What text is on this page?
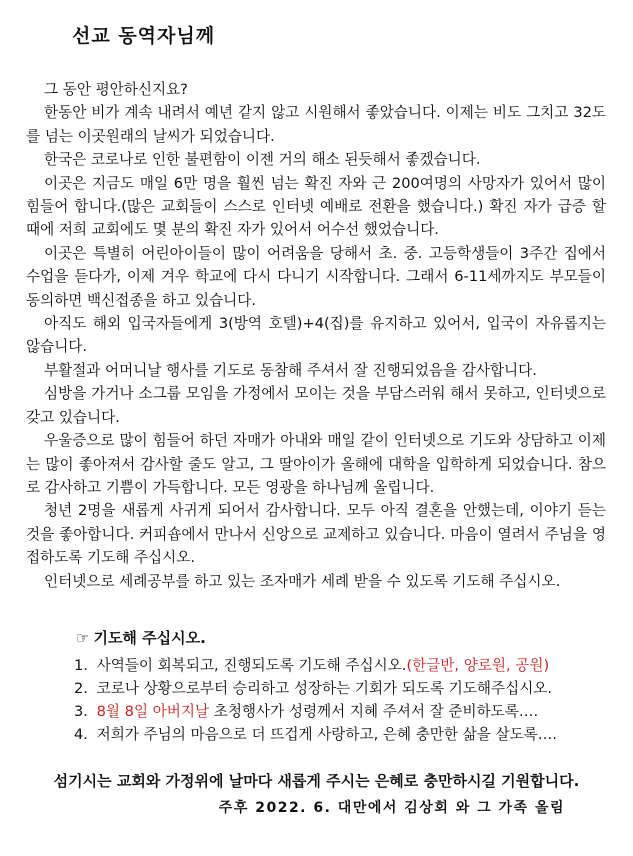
선교 동역자님께

그 동안 평안하신지요?

한동안 비가 계속 내려서 예년 같지 않고 시원해서 좋았습니다. 이제는 비도 그치고 32도를 넘는 이곳원래의 날씨가 되었습니다.

한국은 코로나로 인한 불편함이 이젠 거의 해소 된듯해서 좋겠습니다.

이곳은 지금도 매일 6만 명을 훨씬 넘는 확진 자와 근 200여명의 사망자가 있어서 많이 힘들어 합니다.(많은 교회들이 스스로 인터넷 예배로 전환을 했습니다.) 확진 자가 급증 할 때에 저희 교회에도 몇 분의 확진 자가 있어서 어수선 했었습니다.

이곳은 특별히 어린아이들이 많이 어려움을 당해서 초. 중. 고등학생들이 3주간 집에서 수업을 듣다가, 이제 겨우 학교에 다시 다니기 시작합니다. 그래서 6-11세까지도 부모들이 동의하면 백신접종을 하고 있습니다.

아직도 해외 입국자들에게 3(방역 호텔)+4(집)를 유지하고 있어서, 입국이 자유롭지는 않습니다.

부활절과 어머니날 행사를 기도로 동참해 주셔서 잘 진행되었음을 감사합니다.

심방을 가거나 소그룹 모임을 가정에서 모이는 것을 부담스러워 해서 못하고, 인터넷으로 갖고 있습니다.

우울증으로 많이 힘들어 하던 자매가 아내와 매일 같이 인터넷으로 기도와 상담하고 이제는 많이 좋아져서 감사할 줄도 알고, 그 딸아이가 올해에 대학을 입학하게 되었습니다. 참으로 감사하고 기쁨이 가득합니다. 모든 영광을 하나님께 올립니다.

청년 2명을 새롭게 사귀게 되어서 감사합니다. 모두 아직 결혼을 안했는데, 이야기 듣는 것을 좋아합니다. 커피숍에서 만나서 신앙으로 교제하고 있습니다. 마음이 열려서 주님을 영접하도록 기도해 주십시오.

인터넷으로 세례공부를 하고 있는 조자매가 세례 받을 수 있도록 기도해 주십시오.

☞ 기도해 주십시오.
1. 사역들이 회복되고, 진행되도록 기도해 주십시오.(한글반, 양로원, 공원)
2. 코로나 상황으로부터 승리하고 성장하는 기회가 되도록 기도해주십시오.
3. 8월 8일 아버지날 초청행사가 성령께서 지혜 주셔서 잘 준비하도록….
4. 저희가 주님의 마음으로 더 뜨겁게 사랑하고, 은혜 충만한 삶을 살도록….
섬기시는 교회와 가정위에 날마다 새롭게 주시는 은혜로 충만하시길 기원합니다.
주후 2022. 6. 대만에서 김상회 와 그 가족 올림
